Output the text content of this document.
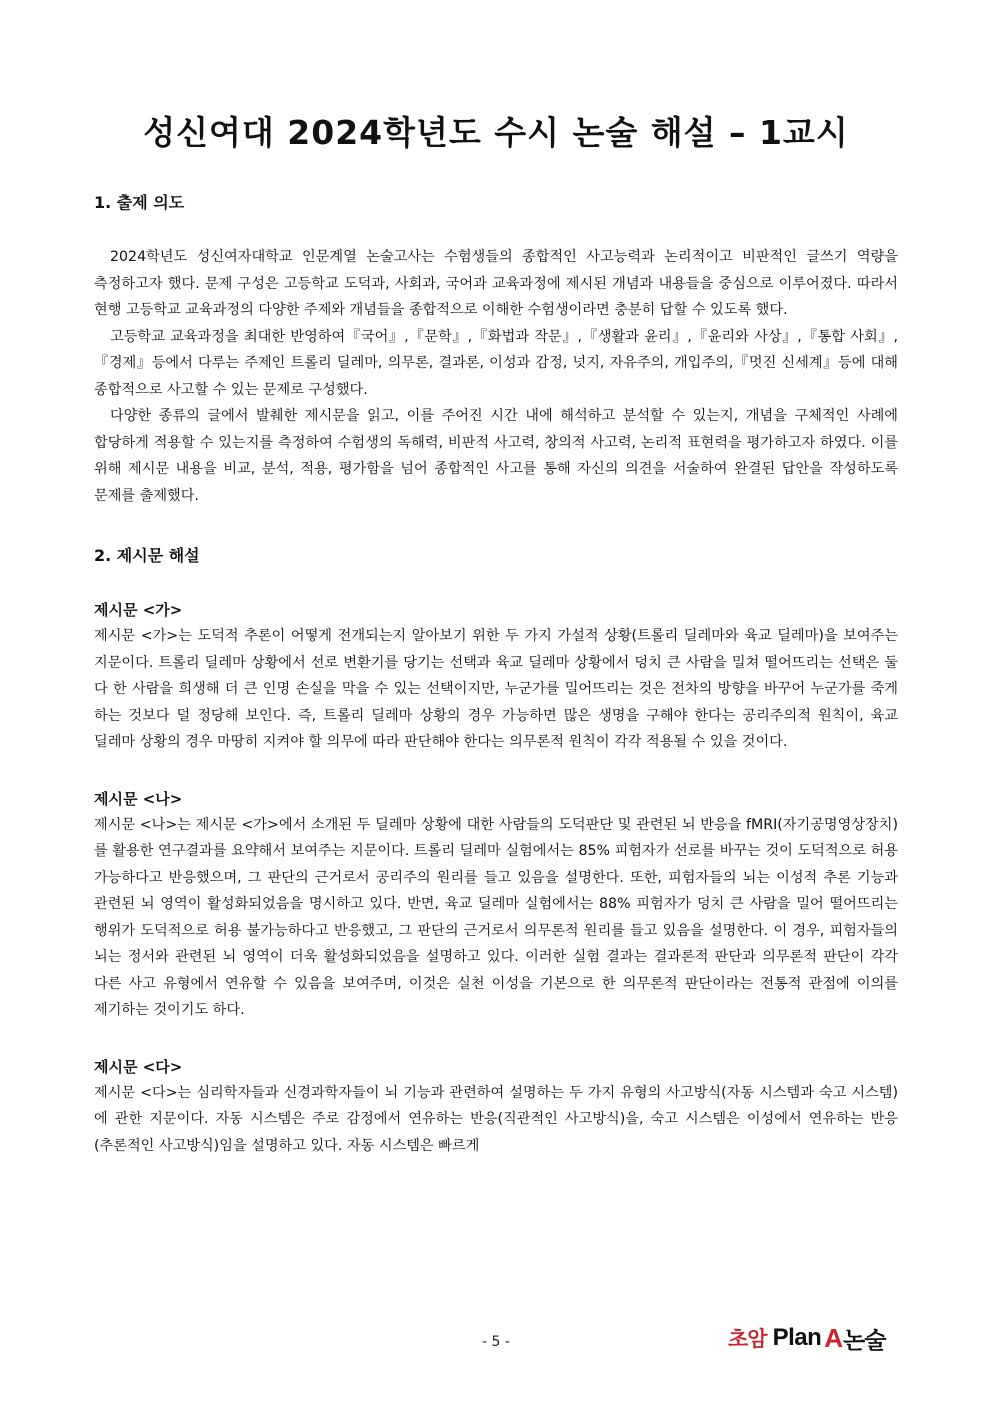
성신여대 2024학년도 수시 논술 해설 – 1교시
1. 출제 의도

2024학년도 성신여자대학교 인문계열 논술고사는 수험생들의 종합적인 사고능력과 논리적이고 비판적인 글쓰기 역량을 측정하고자 했다. 문제 구성은 고등학교 도덕과, 사회과, 국어과 교육과정에 제시된 개념과 내용들을 중심으로 이루어졌다. 따라서 현행 고등학교 교육과정의 다양한 주제와 개념들을 종합적으로 이해한 수험생이라면 충분히 답할 수 있도록 했다.

고등학교 교육과정을 최대한 반영하여『국어』,『문학』,『화법과 작문』,『생활과 윤리』,『윤리와 사상』,『통합 사회』,『경제』등에서 다루는 주제인 트롤리 딜레마, 의무론, 결과론, 이성과 감정, 넛지, 자유주의, 개입주의,『멋진 신세계』등에 대해 종합적으로 사고할 수 있는 문제로 구성했다.

다양한 종류의 글에서 발췌한 제시문을 읽고, 이를 주어진 시간 내에 해석하고 분석할 수 있는지, 개념을 구체적인 사례에 합당하게 적용할 수 있는지를 측정하여 수험생의 독해력, 비판적 사고력, 창의적 사고력, 논리적 표현력을 평가하고자 하였다. 이를 위해 제시문 내용을 비교, 분석, 적용, 평가함을 넘어 종합적인 사고를 통해 자신의 의견을 서술하여 완결된 답안을 작성하도록 문제를 출제했다.

2. 제시문 해설
제시문 <가>

제시문 <가>는 도덕적 추론이 어떻게 전개되는지 알아보기 위한 두 가지 가설적 상황(트롤리 딜레마와 육교 딜레마)을 보여주는 지문이다. 트롤리 딜레마 상황에서 선로 변환기를 당기는 선택과 육교 딜레마 상황에서 덩치 큰 사람을 밀쳐 떨어뜨리는 선택은 둘 다 한 사람을 희생해 더 큰 인명 손실을 막을 수 있는 선택이지만, 누군가를 밀어뜨리는 것은 전차의 방향을 바꾸어 누군가를 죽게 하는 것보다 덜 정당해 보인다. 즉, 트롤리 딜레마 상황의 경우 가능하면 많은 생명을 구해야 한다는 공리주의적 원칙이, 육교 딜레마 상황의 경우 마땅히 지켜야 할 의무에 따라 판단해야 한다는 의무론적 원칙이 각각 적용될 수 있을 것이다.

제시문 <나>

제시문 <나>는 제시문 <가>에서 소개된 두 딜레마 상황에 대한 사람들의 도덕판단 및 관련된 뇌 반응을 fMRI(자기공명영상장치)를 활용한 연구결과를 요약해서 보여주는 지문이다. 트롤리 딜레마 실험에서는 85% 피험자가 선로를 바꾸는 것이 도덕적으로 허용 가능하다고 반응했으며, 그 판단의 근거로서 공리주의 원리를 들고 있음을 설명한다. 또한, 피험자들의 뇌는 이성적 추론 기능과 관련된 뇌 영역이 활성화되었음을 명시하고 있다. 반면, 육교 딜레마 실험에서는 88% 피험자가 덩치 큰 사람을 밀어 떨어뜨리는 행위가 도덕적으로 허용 불가능하다고 반응했고, 그 판단의 근거로서 의무론적 원리를 들고 있음을 설명한다. 이 경우, 피험자들의 뇌는 정서와 관련된 뇌 영역이 더욱 활성화되었음을 설명하고 있다. 이러한 실험 결과는 결과론적 판단과 의무론적 판단이 각각 다른 사고 유형에서 연유할 수 있음을 보여주며, 이것은 실천 이성을 기본으로 한 의무론적 판단이라는 전통적 관점에 이의를 제기하는 것이기도 하다.

제시문 <다>

제시문 <다>는 심리학자들과 신경과학자들이 뇌 기능과 관련하여 설명하는 두 가지 유형의 사고방식(자동 시스템과 숙고 시스템)에 관한 지문이다. 자동 시스템은 주로 감정에서 연유하는 반응(직관적인 사고방식)을, 숙고 시스템은 이성에서 연유하는 반응(추론적인 사고방식)임을 설명하고 있다. 자동 시스템은 빠르게

- 5 -	초암 Plan A 논술
